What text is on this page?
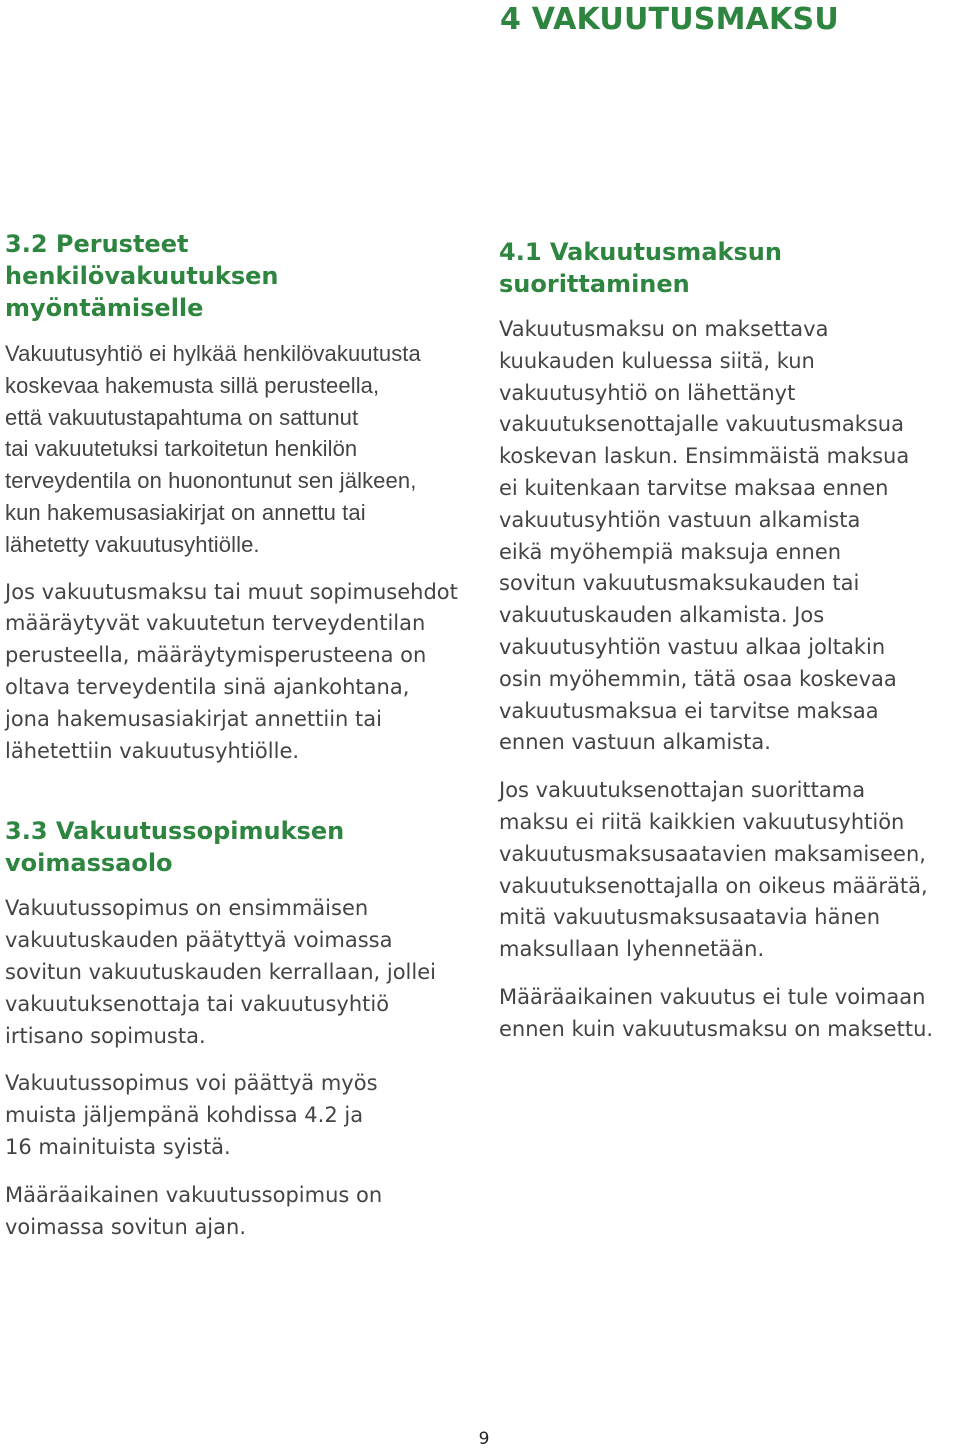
4 VAKUUTUSMAKSU
3.2 Perusteet
henkilövakuutuksen
myöntämiselle

Vakuutusyhtiö ei hylkää henkilövakuutusta
koskevaa hakemusta sillä perusteella,
että vakuutustapahtuma on sattunut
tai vakuutetuksi tarkoitetun henkilön
terveydentila on huonontunut sen jälkeen,
kun hakemusasiakirjat on annettu tai
lähetetty vakuutusyhtiölle.

Jos vakuutusmaksu tai muut sopimusehdot
määräytyvät vakuutetun terveydentilan
perusteella, määräytymisperusteena on
oltava terveydentila sinä ajankohtana,
jona hakemusasiakirjat annettiin tai
lähetettiin vakuutusyhtiölle.

3.3 Vakuutussopimuksen
voimassaolo

Vakuutussopimus on ensimmäisen
vakuutuskauden päätyttyä voimassa
sovitun vakuutuskauden kerrallaan, jollei
vakuutuksenottaja tai vakuutusyhtiö
irtisano sopimusta.

Vakuutussopimus voi päättyä myös
muista jäljempänä kohdissa 4.2 ja
16 mainituista syistä.

Määräaikainen vakuutussopimus on
voimassa sovitun ajan.

4.1 Vakuutusmaksun
suorittaminen

Vakuutusmaksu on maksettava
kuukauden kuluessa siitä, kun
vakuutusyhtiö on lähettänyt
vakuutuksenottajalle vakuutusmaksua
koskevan laskun. Ensimmäistä maksua
ei kuitenkaan tarvitse maksaa ennen
vakuutusyhtiön vastuun alkamista
eikä myöhempiä maksuja ennen
sovitun vakuutusmaksukauden tai
vakuutuskauden alkamista. Jos
vakuutusyhtiön vastuu alkaa joltakin
osin myöhemmin, tätä osaa koskevaa
vakuutusmaksua ei tarvitse maksaa
ennen vastuun alkamista.

Jos vakuutuksenottajan suorittama
maksu ei riitä kaikkien vakuutusyhtiön
vakuutusmaksusaatavien maksamiseen,
vakuutuksenottajalla on oikeus määrätä,
mitä vakuutusmaksusaatavia hänen
maksullaan lyhennetään.

Määräaikainen vakuutus ei tule voimaan
ennen kuin vakuutusmaksu on maksettu.

9
